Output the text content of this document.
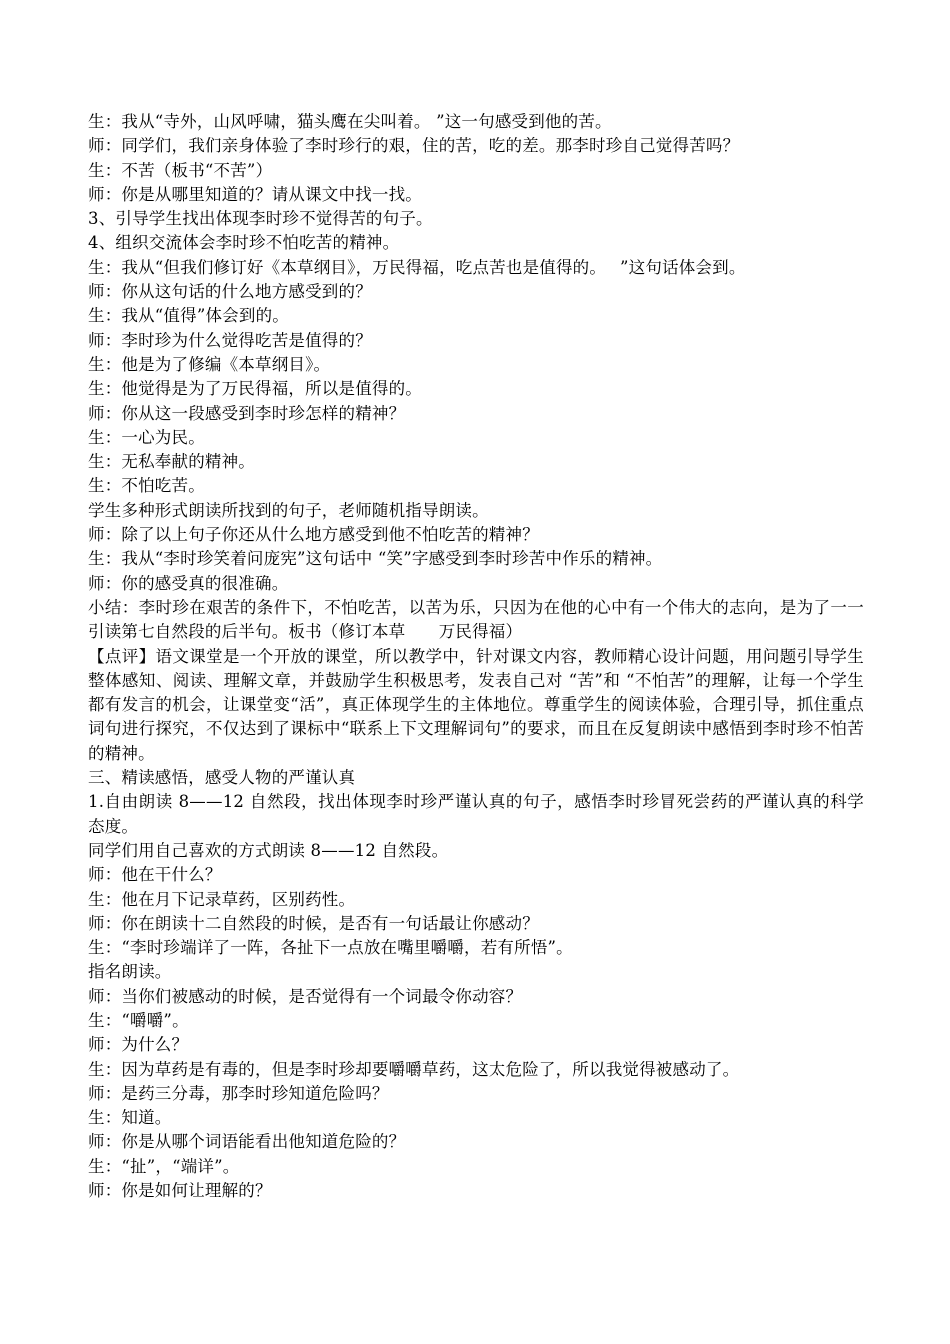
生：我从“寺外，山风呼啸，猫头鹰在尖叫着。 ”这一句感受到他的苦。
师：同学们，我们亲身体验了李时珍行的艰，住的苦，吃的差。那李时珍自己觉得苦吗？
生：不苦（板书“不苦”）
师：你是从哪里知道的？请从课文中找一找。
3、引导学生找出体现李时珍不觉得苦的句子。
4、组织交流体会李时珍不怕吃苦的精神。
生：我从“但我们修订好《本草纲目》，万民得福，吃点苦也是值得的。　 ”这句话体会到。
师：你从这句话的什么地方感受到的？
生：我从“值得”体会到的。
师：李时珍为什么觉得吃苦是值得的？
生：他是为了修编《本草纲目》。
生：他觉得是为了万民得福，所以是值得的。
师：你从这一段感受到李时珍怎样的精神？
生：一心为民。
生：无私奉献的精神。
生：不怕吃苦。
学生多种形式朗读所找到的句子，老师随机指导朗读。
师：除了以上句子你还从什么地方感受到他不怕吃苦的精神？
生：我从“李时珍笑着问庞宪”这句话中 “笑”字感受到李时珍苦中作乐的精神。
师：你的感受真的很准确。
小结：李时珍在艰苦的条件下，不怕吃苦，以苦为乐，只因为在他的心中有一个伟大的志向，是为了一一引读第七自然段的后半句。板书（修订本草　　万民得福）
【点评】语文课堂是一个开放的课堂，所以教学中，针对课文内容，教师精心设计问题，用问题引导学生整体感知、阅读、理解文章，并鼓励学生积极思考，发表自己对 “苦”和 “不怕苦”的理解，让每一个学生都有发言的机会，让课堂变“活”，真正体现学生的主体地位。尊重学生的阅读体验，合理引导，抓住重点词句进行探究，不仅达到了课标中“联系上下文理解词句”的要求，而且在反复朗读中感悟到李时珍不怕苦的精神。
三、精读感悟，感受人物的严谨认真
1.自由朗读 8——12 自然段，找出体现李时珍严谨认真的句子，感悟李时珍冒死尝药的严谨认真的科学态度。
同学们用自己喜欢的方式朗读 8——12 自然段。
师：他在干什么？
生：他在月下记录草药，区别药性。
师：你在朗读十二自然段的时候，是否有一句话最让你感动？
生：“李时珍端详了一阵，各扯下一点放在嘴里嚼嚼，若有所悟”。
指名朗读。
师：当你们被感动的时候，是否觉得有一个词最令你动容？
生：“嚼嚼”。
师：为什么？
生：因为草药是有毒的，但是李时珍却要嚼嚼草药，这太危险了，所以我觉得被感动了。
师：是药三分毒，那李时珍知道危险吗？
生：知道。
师：你是从哪个词语能看出他知道危险的？
生：“扯”，“端详”。
师：你是如何让理解的？
